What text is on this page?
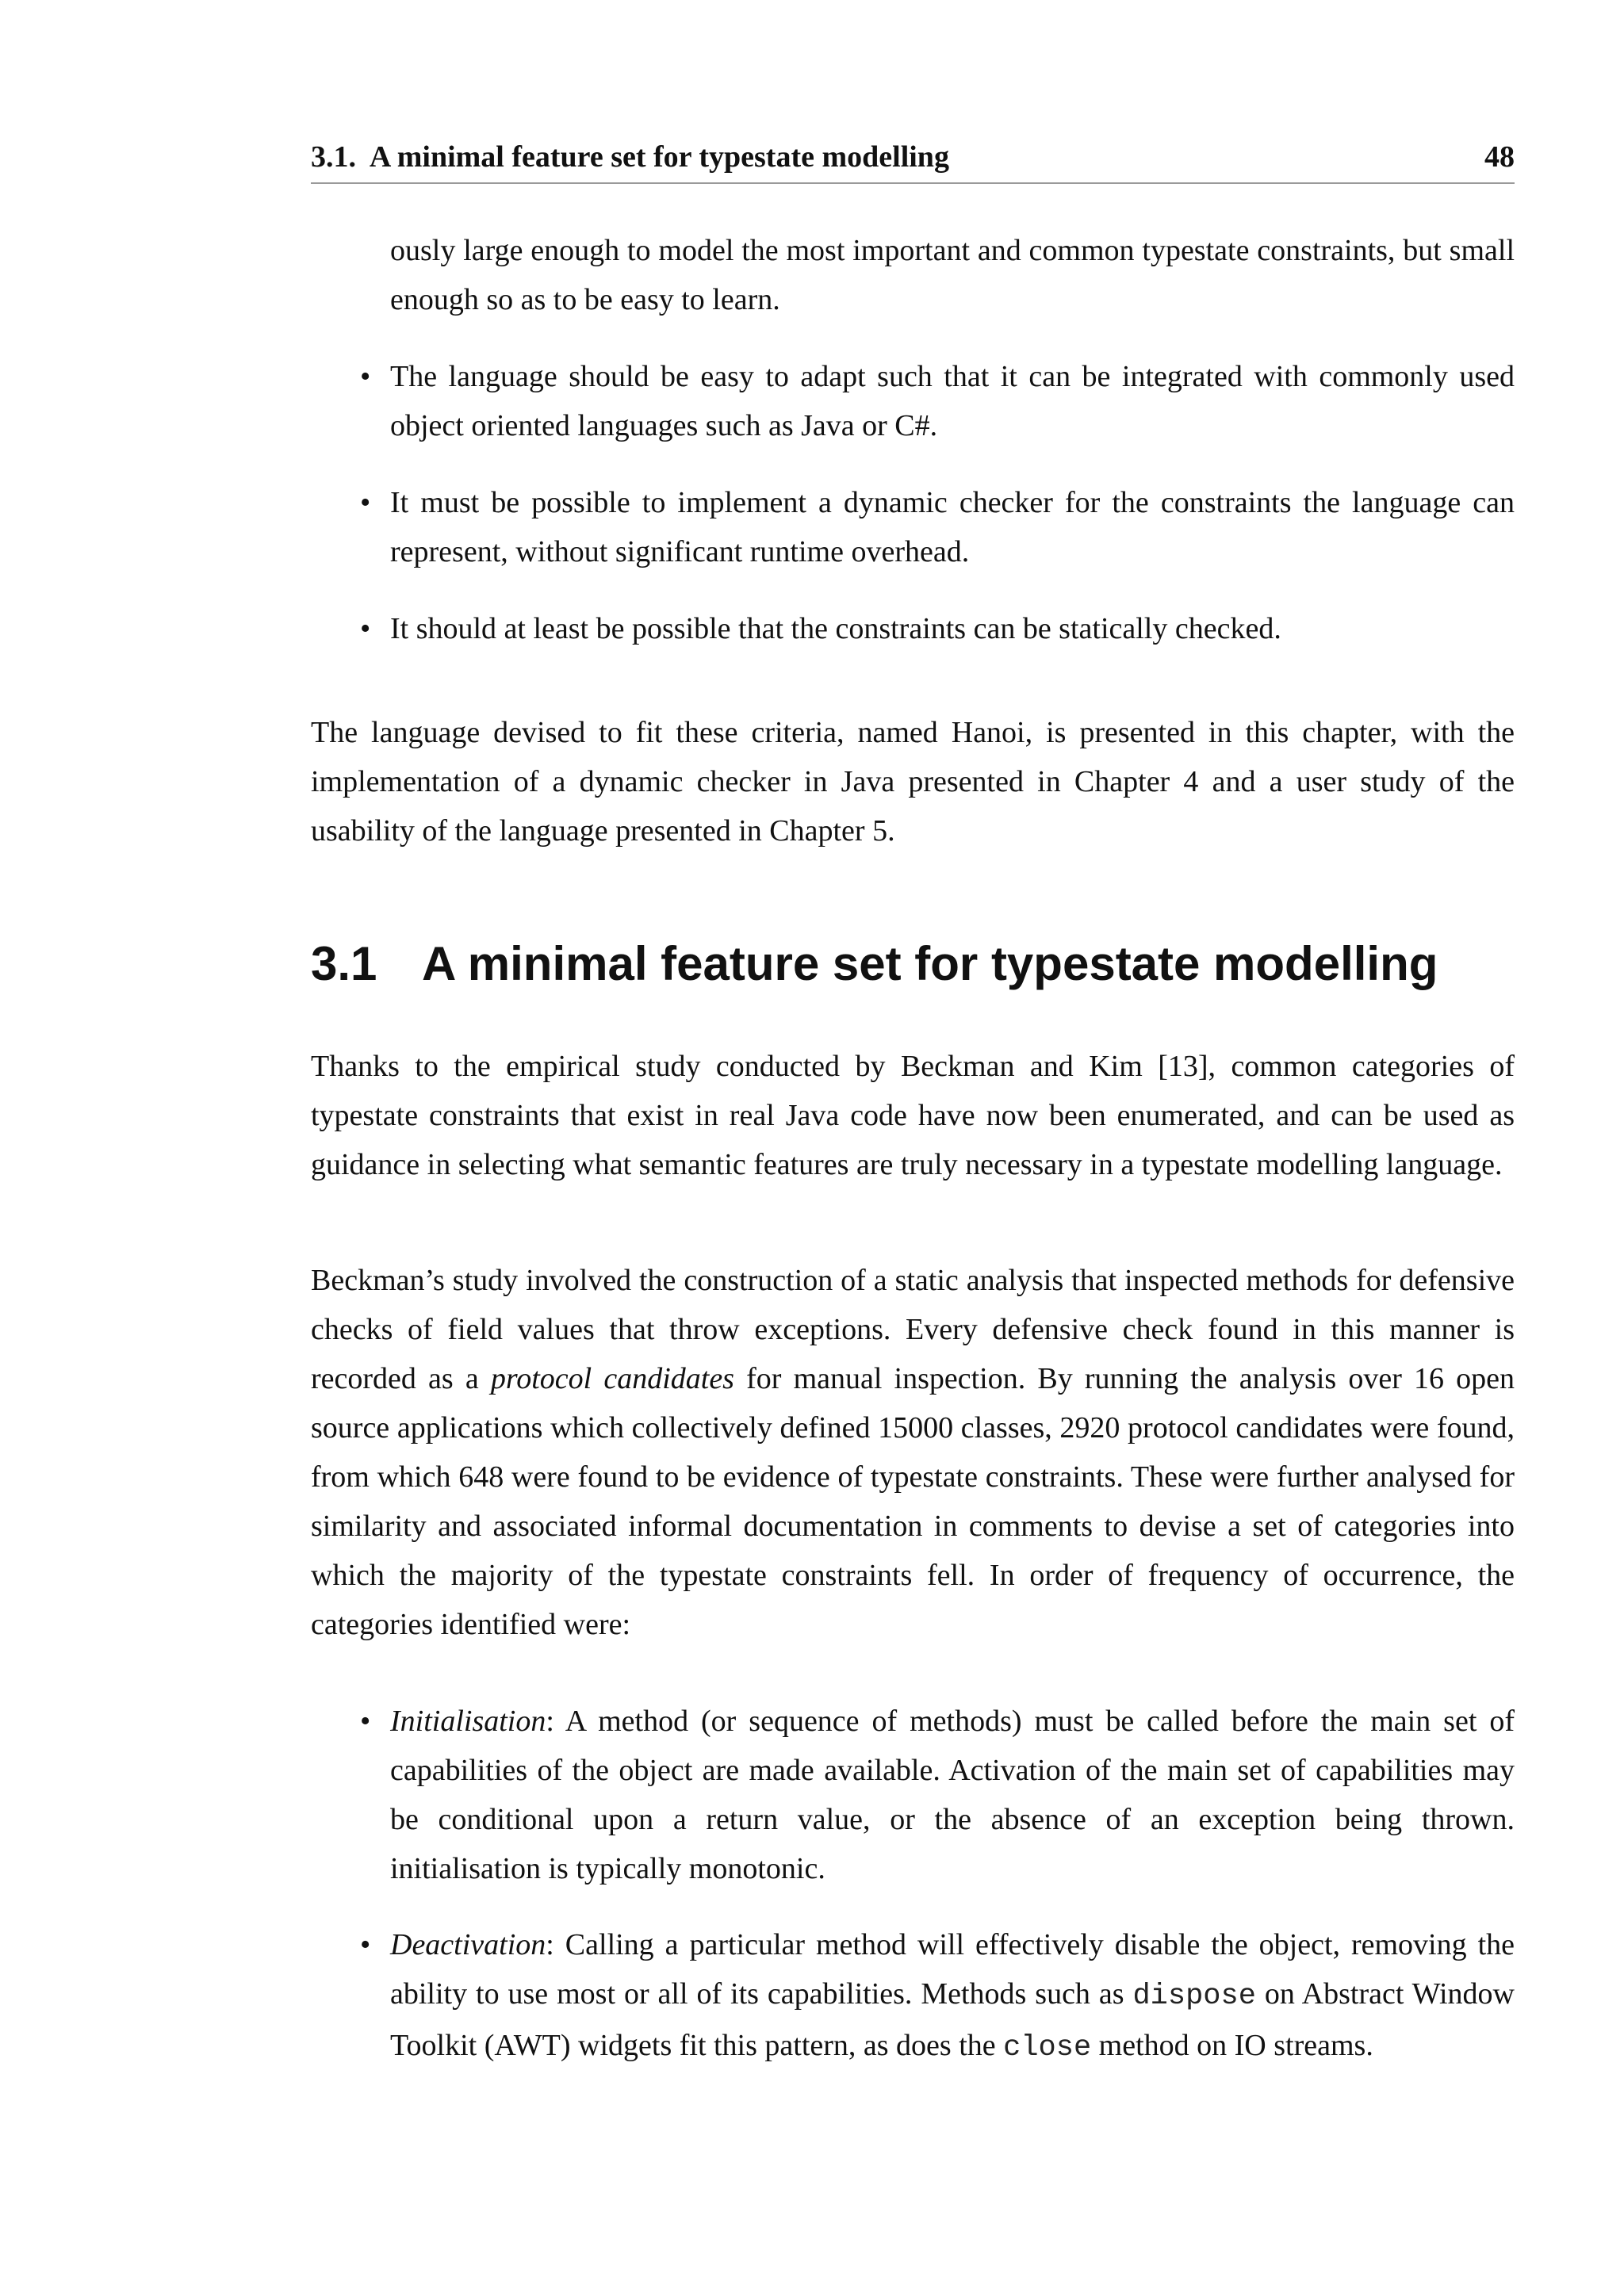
3.1.  A minimal feature set for typestate modelling	48

ously large enough to model the most important and common typestate constraints, but small enough so as to be easy to learn.

• The language should be easy to adapt such that it can be integrated with commonly used object oriented languages such as Java or C#.
• It must be possible to implement a dynamic checker for the constraints the language can represent, without significant runtime overhead.
• It should at least be possible that the constraints can be statically checked.

The language devised to fit these criteria, named Hanoi, is presented in this chapter, with the implementation of a dynamic checker in Java presented in Chapter 4 and a user study of the usability of the language presented in Chapter 5.

3.1 A minimal feature set for typestate modelling

Thanks to the empirical study conducted by Beckman and Kim [13], common categories of typestate constraints that exist in real Java code have now been enumerated, and can be used as guidance in selecting what semantic features are truly necessary in a typestate modelling language.

Beckman’s study involved the construction of a static analysis that inspected methods for defensive checks of field values that throw exceptions. Every defensive check found in this manner is recorded as a protocol candidates for manual inspection. By running the analysis over 16 open source applications which collectively defined 15000 classes, 2920 protocol candidates were found, from which 648 were found to be evidence of typestate constraints. These were further analysed for similarity and associated informal documentation in comments to devise a set of categories into which the majority of the typestate constraints fell. In order of frequency of occurrence, the categories identified were:

• Initialisation: A method (or sequence of methods) must be called before the main set of capabilities of the object are made available. Activation of the main set of capabilities may be conditional upon a return value, or the absence of an exception being thrown. initialisation is typically monotonic.
• Deactivation: Calling a particular method will effectively disable the object, removing the ability to use most or all of its capabilities. Methods such as dispose on Abstract Window Toolkit (AWT) widgets fit this pattern, as does the close method on IO streams.
